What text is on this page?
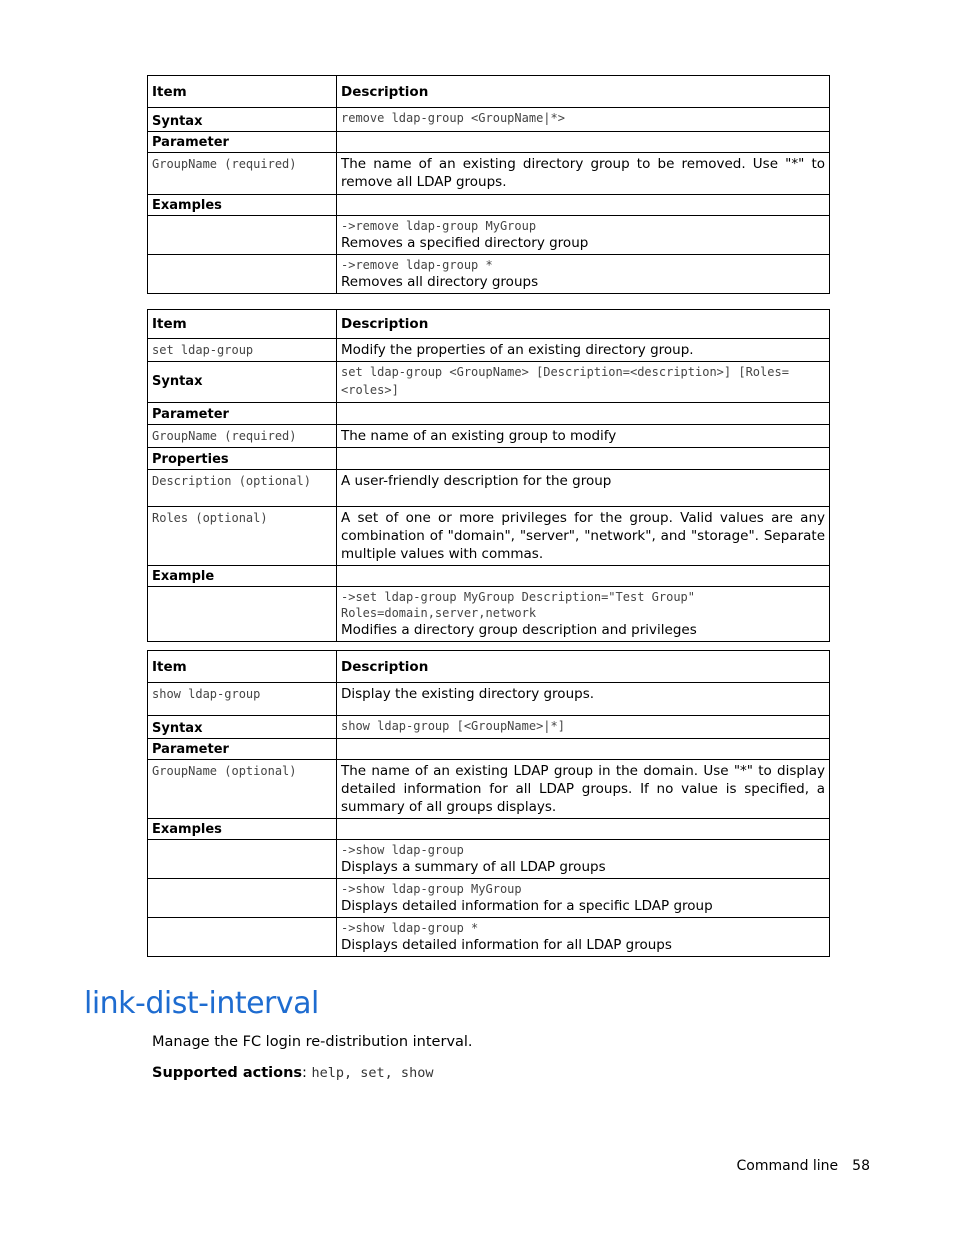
Item	Description
Syntax	remove ldap-group <GroupName|*>
Parameter	
GroupName (required)	The name of an existing directory group to be removed. Use "*" to remove all LDAP groups.
Examples	

	->remove ldap-group MyGroup
Removes a specified directory group

	->remove ldap-group *
Removes all directory groups
Item	Description
set ldap-group	Modify the properties of an existing directory group.
Syntax	set ldap-group <GroupName> [Description=<description>] [Roles=<roles>]
Parameter	
GroupName (required)	The name of an existing group to modify
Properties	
Description (optional)	A user-friendly description for the group
Roles (optional)	A set of one or more privileges for the group. Valid values are any combination of "domain", "server", "network", and "storage". Separate multiple values with commas.
Example	

	->set ldap-group MyGroup Description="Test Group" Roles=domain,server,network
Modifies a directory group description and privileges
Item	Description
show ldap-group	Display the existing directory groups.
Syntax	show ldap-group [<GroupName>|*]
Parameter	
GroupName (optional)	The name of an existing LDAP group in the domain. Use "*" to display detailed information for all LDAP groups. If no value is specified, a summary of all groups displays.
Examples	

	->show ldap-group
Displays a summary of all LDAP groups

	->show ldap-group MyGroup
Displays detailed information for a specific LDAP group

	->show ldap-group *
Displays detailed information for all LDAP groups
link-dist-interval
Manage the FC login re-distribution interval.
Supported actions: help, set, show
Command line 58
